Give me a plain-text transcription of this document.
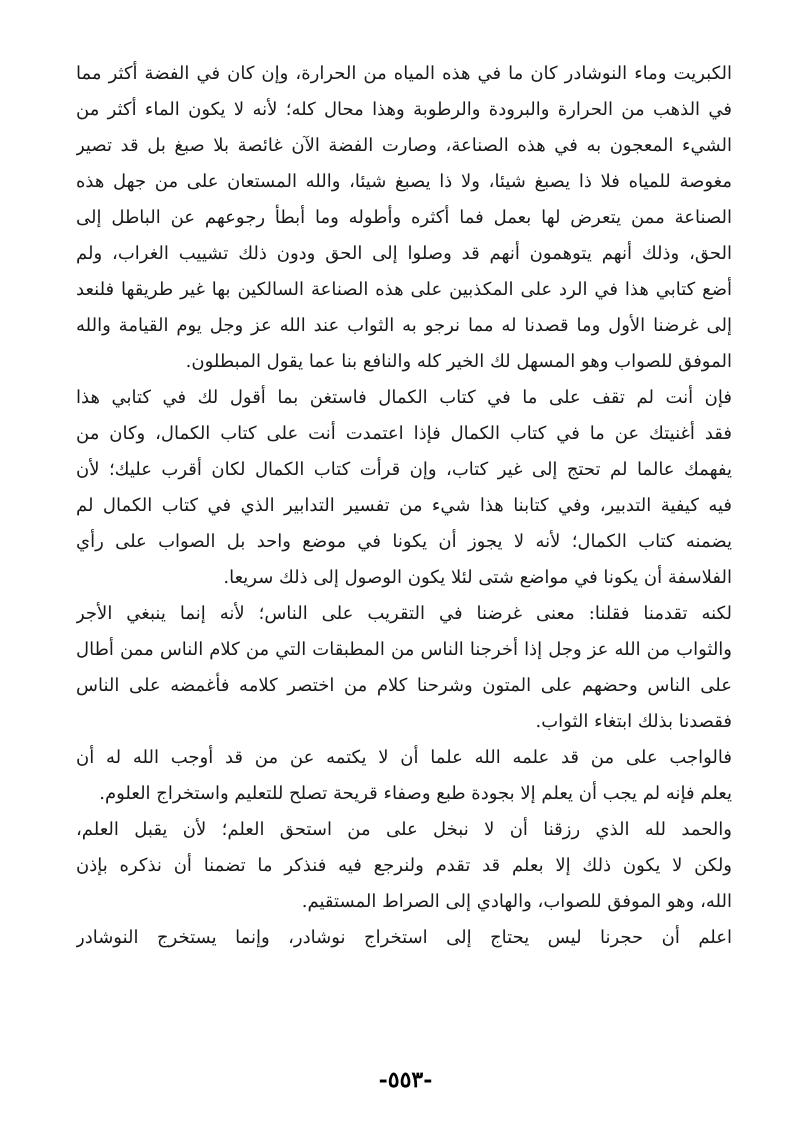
الكبريت وماء النوشادر كان ما في هذه المياه من الحرارة، وإن كان في الفضة أكثر مما
في الذهب من الحرارة والبرودة والرطوبة وهذا محال كله؛ لأنه لا يكون الماء أكثر من
الشيء المعجون به في هذه الصناعة، وصارت الفضة الآن غائصة بلا صبغ بل قد تصير
مغوصة للمياه فلا ذا يصبغ شيئا، ولا ذا يصبغ شيئا، والله المستعان على من جهل هذه
الصناعة ممن يتعرض لها بعمل فما أكثره وأطوله وما أبطأ رجوعهم عن الباطل إلى
الحق، وذلك أنهم يتوهمون أنهم قد وصلوا إلى الحق ودون ذلك تشييب الغراب، ولم
أضع كتابي هذا في الرد على المكذبين على هذه الصناعة السالكين بها غير طريقها فلنعد
إلى غرضنا الأول وما قصدنا له مما نرجو به الثواب عند الله عز وجل يوم القيامة والله
الموفق للصواب وهو المسهل لك الخير كله والنافع بنا عما يقول المبطلون.
فإن أنت لم تقف على ما في كتاب الكمال فاستغن بما أقول لك في كتابي هذا
فقد أغنيتك عن ما في كتاب الكمال فإذا اعتمدت أنت على كتاب الكمال، وكان من
يفهمك عالما لم تحتج إلى غير كتاب، وإن قرأت كتاب الكمال لكان أقرب عليك؛ لأن
فيه كيفية التدبير، وفي كتابنا هذا شيء من تفسير التدابير الذي في كتاب الكمال لم
يضمنه كتاب الكمال؛ لأنه لا يجوز أن يكونا في موضع واحد بل الصواب على رأي
الفلاسفة أن يكونا في مواضع شتى لئلا يكون الوصول إلى ذلك سريعا.
لكنه تقدمنا فقلنا: معنى غرضنا في التقريب على الناس؛ لأنه إنما ينبغي الأجر
والثواب من الله عز وجل إذا أخرجنا الناس من المطبقات التي من كلام الناس ممن أطال
على الناس وحضهم على المتون وشرحنا كلام من اختصر كلامه فأغمضه على الناس
فقصدنا بذلك ابتغاء الثواب.
فالواجب على من قد علمه الله علما أن لا يكتمه عن من قد أوجب الله له أن
يعلم فإنه لم يجب أن يعلم إلا بجودة طبع وصفاء قريحة تصلح للتعليم واستخراج العلوم.
والحمد لله الذي رزقنا أن لا نبخل على من استحق العلم؛ لأن يقبل العلم،
ولكن لا يكون ذلك إلا بعلم قد تقدم ولنرجع فيه فنذكر ما تضمنا أن نذكره بإذن
الله، وهو الموفق للصواب، والهادي إلى الصراط المستقيم.
اعلم أن حجرنا ليس يحتاج إلى استخراج نوشادر، وإنما يستخرج النوشادر
-٥٥٣-
